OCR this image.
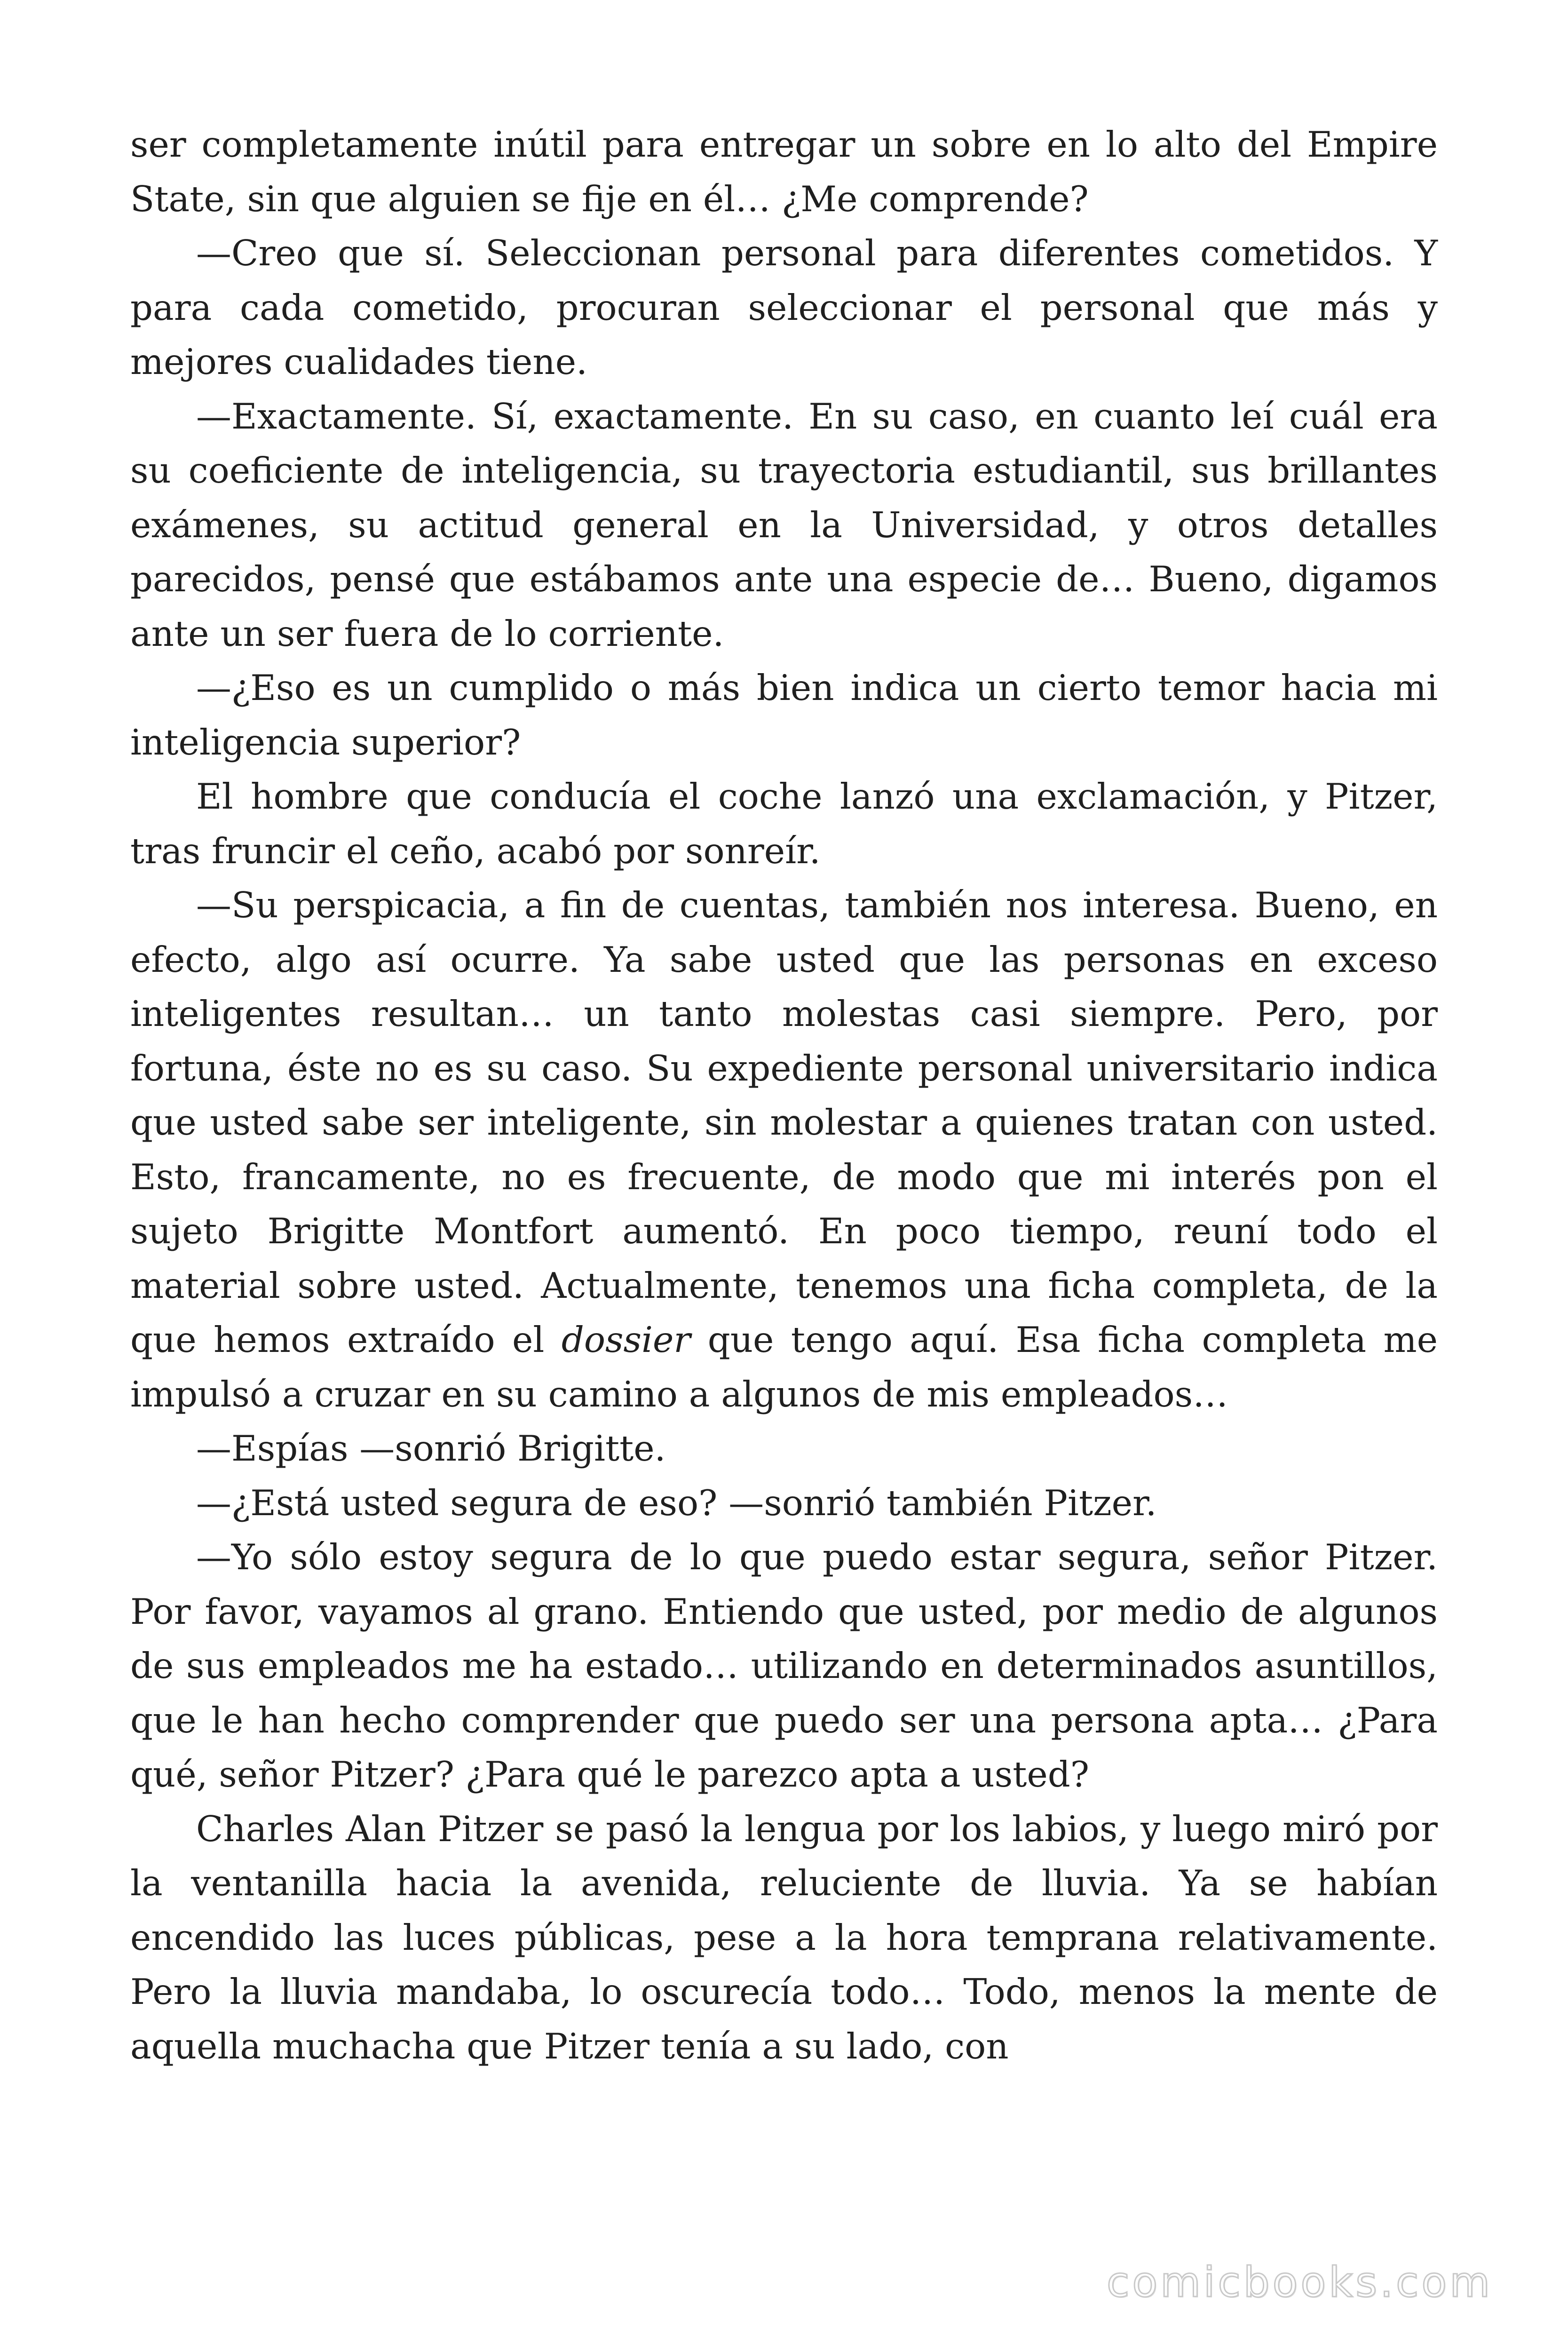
ser completamente inútil para entregar un sobre en lo alto del Empire State, sin que alguien se fije en él… ¿Me comprende?

—Creo que sí. Seleccionan personal para diferentes cometidos. Y para cada cometido, procuran seleccionar el personal que más y mejores cualidades tiene.

—Exactamente. Sí, exactamente. En su caso, en cuanto leí cuál era su coeficiente de inteligencia, su trayectoria estudiantil, sus brillantes exámenes, su actitud general en la Universidad, y otros detalles parecidos, pensé que estábamos ante una especie de… Bueno, digamos ante un ser fuera de lo corriente.

—¿Eso es un cumplido o más bien indica un cierto temor hacia mi inteligencia superior?

El hombre que conducía el coche lanzó una exclamación, y Pitzer, tras fruncir el ceño, acabó por sonreír.

—Su perspicacia, a fin de cuentas, también nos interesa. Bueno, en efecto, algo así ocurre. Ya sabe usted que las personas en exceso inteligentes resultan… un tanto molestas casi siempre. Pero, por fortuna, éste no es su caso. Su expediente personal universitario indica que usted sabe ser inteligente, sin molestar a quienes tratan con usted. Esto, francamente, no es frecuente, de modo que mi interés pon el sujeto Brigitte Montfort aumentó. En poco tiempo, reuní todo el material sobre usted. Actualmente, tenemos una ficha completa, de la que hemos extraído el dossier que tengo aquí. Esa ficha completa me impulsó a cruzar en su camino a algunos de mis empleados…

—Espías —sonrió Brigitte.

—¿Está usted segura de eso? —sonrió también Pitzer.

—Yo sólo estoy segura de lo que puedo estar segura, señor Pitzer. Por favor, vayamos al grano. Entiendo que usted, por medio de algunos de sus empleados me ha estado… utilizando en determinados asuntillos, que le han hecho comprender que puedo ser una persona apta… ¿Para qué, señor Pitzer? ¿Para qué le parezco apta a usted?

Charles Alan Pitzer se pasó la lengua por los labios, y luego miró por la ventanilla hacia la avenida, reluciente de lluvia. Ya se habían encendido las luces públicas, pese a la hora temprana relativamente. Pero la lluvia mandaba, lo oscurecía todo… Todo, menos la mente de aquella muchacha que Pitzer tenía a su lado, con

comicbooks.com
